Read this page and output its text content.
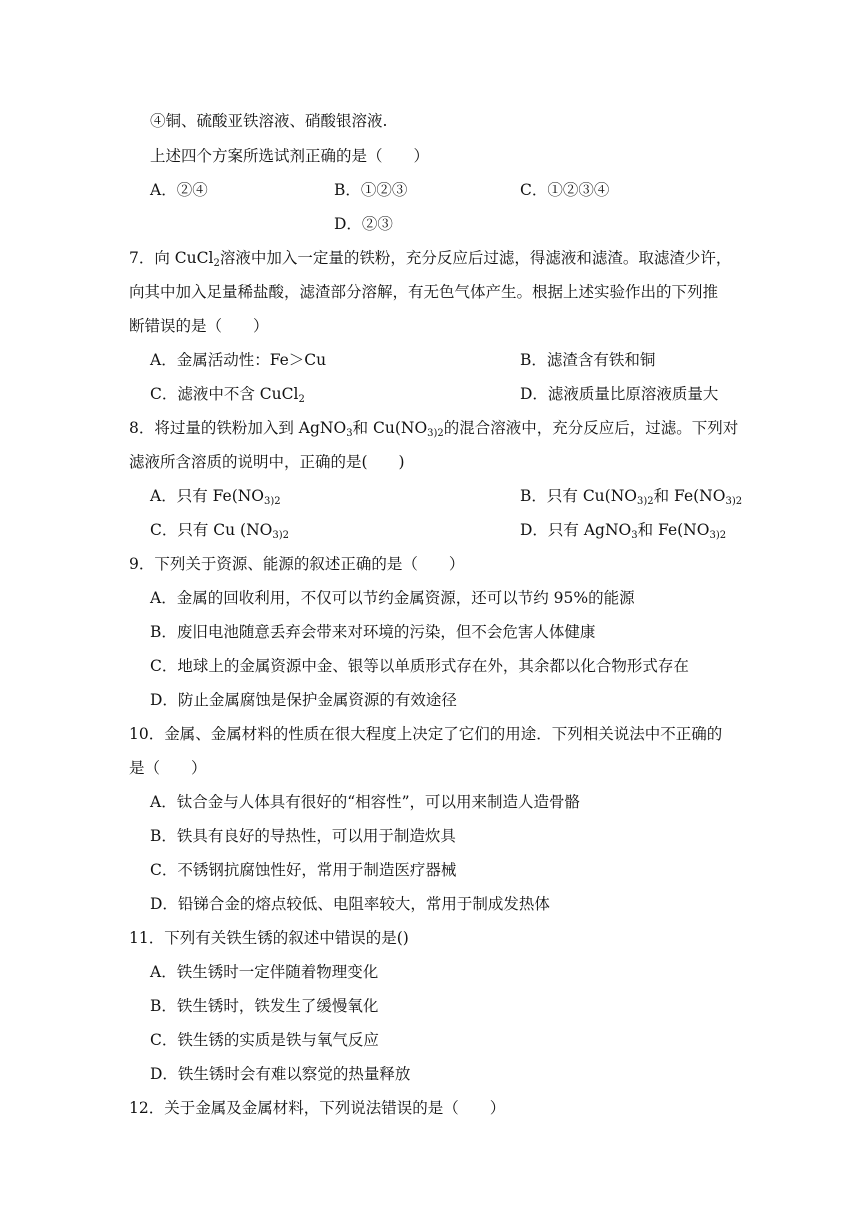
④铜、硫酸亚铁溶液、硝酸银溶液.
上述四个方案所选试剂正确的是（　　）
A．②④	B．①②③	C．①②③④
D．②③
7．向 CuCl$_2$溶液中加入一定量的铁粉，充分反应后过滤，得滤液和滤渣。取滤渣少许，
向其中加入足量稀盐酸，滤渣部分溶解，有无色气体产生。根据上述实验作出的下列推
断错误的是（　　）
A．金属活动性：Fe＞Cu	B．滤渣含有铁和铜
C．滤液中不含 CuCl$_2$	D．滤液质量比原溶液质量大
8．将过量的铁粉加入到 AgNO$_3$和 $Cu(NO_{3)2}$的混合溶液中，充分反应后，过滤。下列对
滤液所含溶质的说明中，正确的是(　　)
A．只有 $Fe(NO_{3)2}$	B．只有 $Cu(NO_{3)2}$和 $Fe(NO_{3)2}$
C．只有 Cu ($NO_{3)2}$	D．只有 AgNO$_3$和 $Fe(NO_{3)2}$
9．下列关于资源、能源的叙述正确的是（　　）
A．金属的回收利用，不仅可以节约金属资源，还可以节约 95%的能源
B．废旧电池随意丢弃会带来对环境的污染，但不会危害人体健康
C．地球上的金属资源中金、银等以单质形式存在外，其余都以化合物形式存在
D．防止金属腐蚀是保护金属资源的有效途径
10．金属、金属材料的性质在很大程度上决定了它们的用途．下列相关说法中不正确的
是（　　）
A．钛合金与人体具有很好的“相容性”，可以用来制造人造骨骼
B．铁具有良好的导热性，可以用于制造炊具
C．不锈钢抗腐蚀性好，常用于制造医疗器械
D．铅锑合金的熔点较低、电阻率较大，常用于制成发热体
11．下列有关铁生锈的叙述中错误的是()
A．铁生锈时一定伴随着物理变化
B．铁生锈时，铁发生了缓慢氧化
C．铁生锈的实质是铁与氧气反应
D．铁生锈时会有难以察觉的热量释放
12．关于金属及金属材料，下列说法错误的是（　　）
